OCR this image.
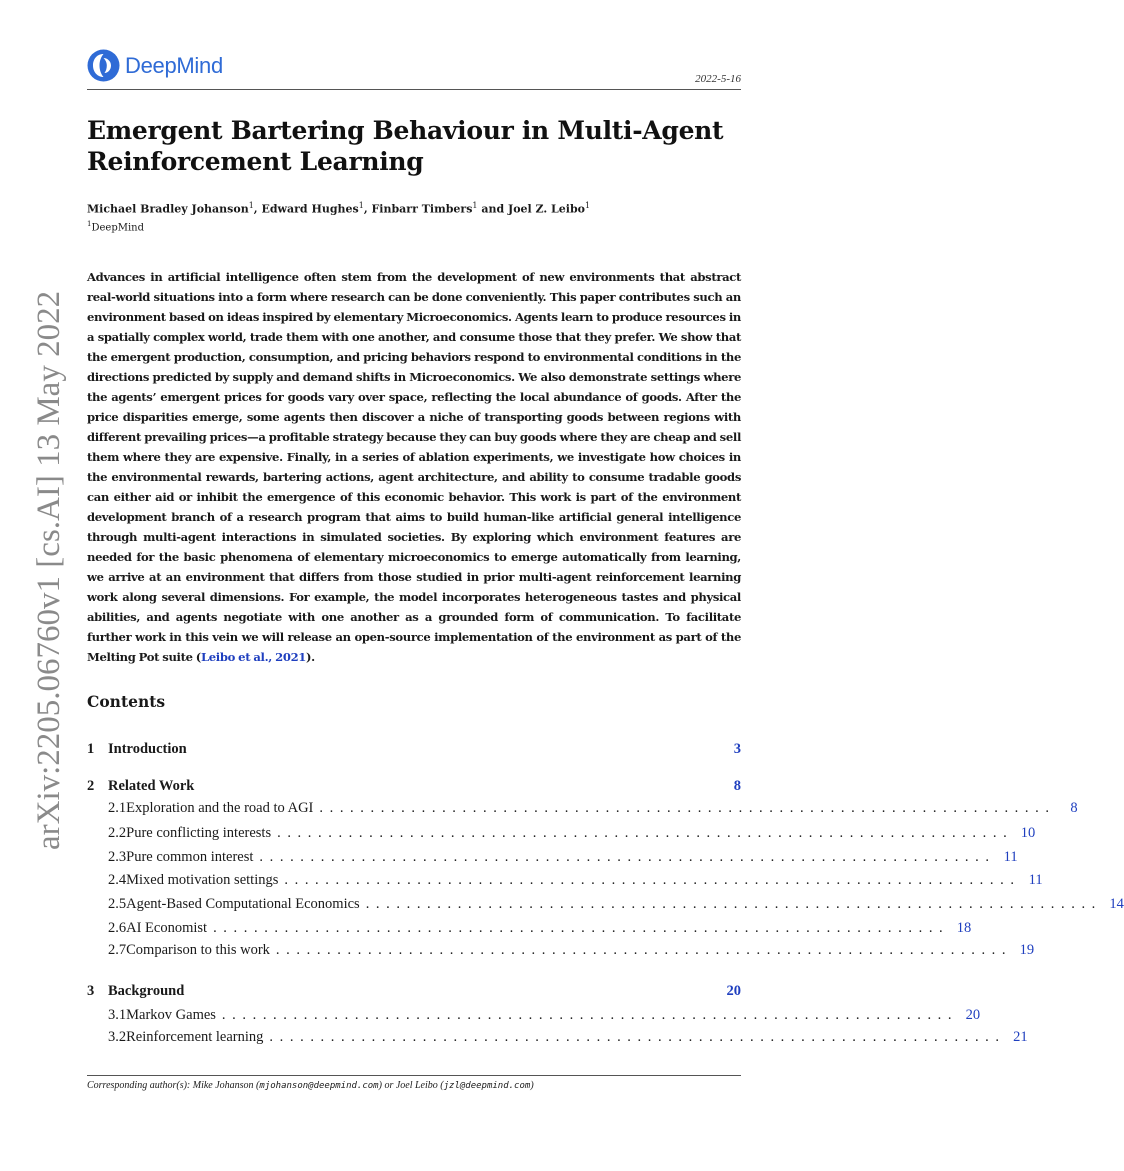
arXiv:2205.06760v1 [cs.AI] 13 May 2022
DeepMind
2022-5-16
Emergent Bartering Behaviour in Multi-Agent Reinforcement Learning
Michael Bradley Johanson$^1$, Edward Hughes$^1$, Finbarr Timbers$^1$ and Joel Z. Leibo$^1$
$^1$DeepMind
Advances in artificial intelligence often stem from the development of new environments that abstract real-world situations into a form where research can be done conveniently. This paper contributes such an environment based on ideas inspired by elementary Microeconomics. Agents learn to produce resources in a spatially complex world, trade them with one another, and consume those that they prefer. We show that the emergent production, consumption, and pricing behaviors respond to environmental conditions in the directions predicted by supply and demand shifts in Microeconomics. We also demonstrate settings where the agents’ emergent prices for goods vary over space, reflecting the local abundance of goods. After the price disparities emerge, some agents then discover a niche of transporting goods between regions with different prevailing prices—a profitable strategy because they can buy goods where they are cheap and sell them where they are expensive. Finally, in a series of ablation experiments, we investigate how choices in the environmental rewards, bartering actions, agent architecture, and ability to consume tradable goods can either aid or inhibit the emergence of this economic behavior. This work is part of the environment development branch of a research program that aims to build human-like artificial general intelligence through multi-agent interactions in simulated societies. By exploring which environment features are needed for the basic phenomena of elementary microeconomics to emerge automatically from learning, we arrive at an environment that differs from those studied in prior multi-agent reinforcement learning work along several dimensions. For example, the model incorporates heterogeneous tastes and physical abilities, and agents negotiate with one another as a grounded form of communication. To facilitate further work in this vein we will release an open-source implementation of the environment as part of the Melting Pot suite (Leibo et al., 2021).
Contents
1 Introduction	3
2 Related Work	8
2.1 Exploration and the road to AGI ........................................................................	8
2.2 Pure conflicting interests ........................................................................ 10
2.3 Pure common interest ........................................................................ 11
2.4 Mixed motivation settings ........................................................................ 11
2.5 Agent-Based Computational Economics ........................................................................ 14
2.6 AI Economist ........................................................................ 18
2.7 Comparison to this work ........................................................................ 19
3 Background	20
3.1 Markov Games ........................................................................ 20
3.2 Reinforcement learning ........................................................................ 21
Corresponding author(s): Mike Johanson (mjohanson@deepmind.com) or Joel Leibo (jzl@deepmind.com)
